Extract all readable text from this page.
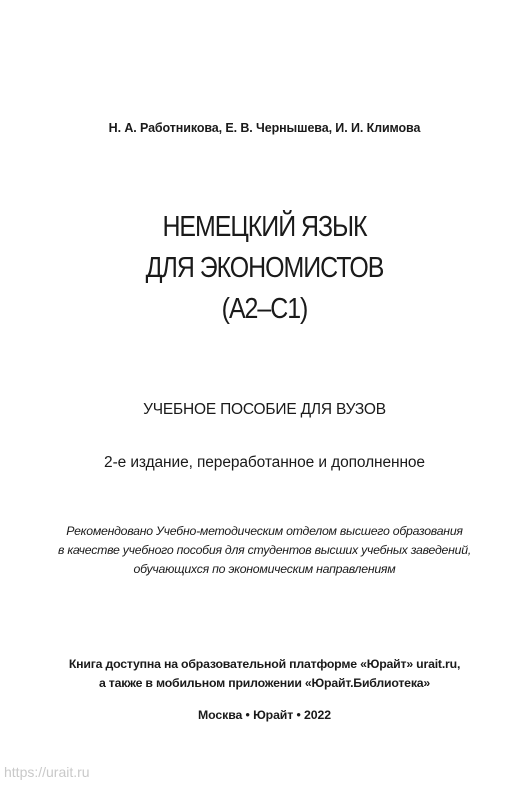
Н. А. Работникова, Е. В. Чернышева, И. И. Климова
НЕМЕЦКИЙ ЯЗЫК
ДЛЯ ЭКОНОМИСТОВ
(A2–C1)
УЧЕБНОЕ ПОСОБИЕ ДЛЯ ВУЗОВ
2-е издание, переработанное и дополненное
Рекомендовано Учебно-методическим отделом высшего образования
в качестве учебного пособия для студентов высших учебных заведений,
обучающихся по экономическим направлениям
Книга доступна на образовательной платформе «Юрайт» urait.ru,
а также в мобильном приложении «Юрайт.Библиотека»
Москва • Юрайт • 2022
https://urait.ru
